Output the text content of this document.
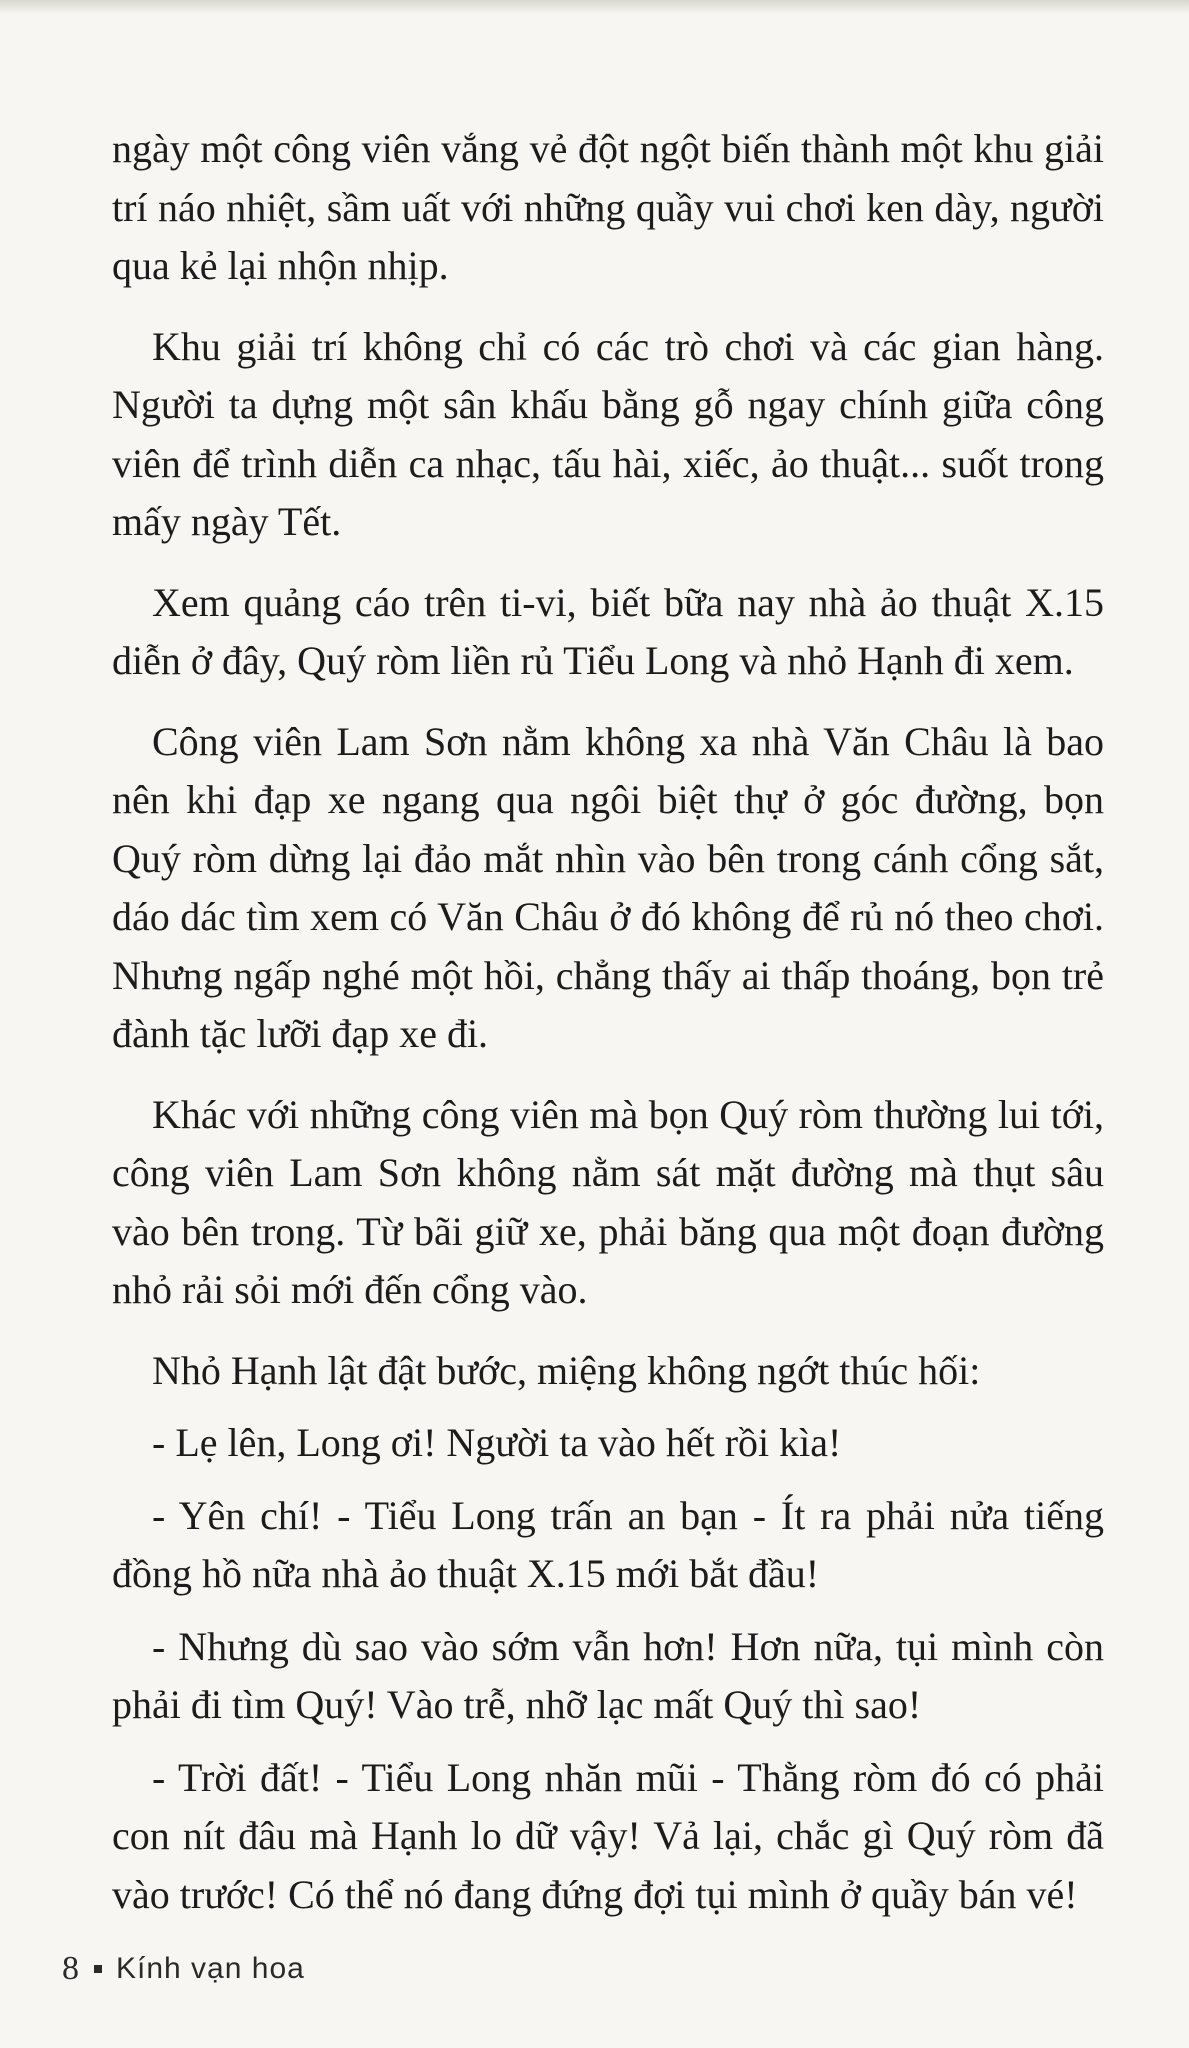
ngày một công viên vắng vẻ đột ngột biến thành một khu giải trí náo nhiệt, sầm uất với những quầy vui chơi ken dày, người qua kẻ lại nhộn nhịp.

Khu giải trí không chỉ có các trò chơi và các gian hàng. Người ta dựng một sân khấu bằng gỗ ngay chính giữa công viên để trình diễn ca nhạc, tấu hài, xiếc, ảo thuật... suốt trong mấy ngày Tết.

Xem quảng cáo trên ti-vi, biết bữa nay nhà ảo thuật X.15 diễn ở đây, Quý ròm liền rủ Tiểu Long và nhỏ Hạnh đi xem.

Công viên Lam Sơn nằm không xa nhà Văn Châu là bao nên khi đạp xe ngang qua ngôi biệt thự ở góc đường, bọn Quý ròm dừng lại đảo mắt nhìn vào bên trong cánh cổng sắt, dáo dác tìm xem có Văn Châu ở đó không để rủ nó theo chơi. Nhưng ngấp nghé một hồi, chẳng thấy ai thấp thoáng, bọn trẻ đành tặc lưỡi đạp xe đi.

Khác với những công viên mà bọn Quý ròm thường lui tới, công viên Lam Sơn không nằm sát mặt đường mà thụt sâu vào bên trong. Từ bãi giữ xe, phải băng qua một đoạn đường nhỏ rải sỏi mới đến cổng vào.

Nhỏ Hạnh lật đật bước, miệng không ngớt thúc hối:

- Lẹ lên, Long ơi! Người ta vào hết rồi kìa!

- Yên chí! - Tiểu Long trấn an bạn - Ít ra phải nửa tiếng đồng hồ nữa nhà ảo thuật X.15 mới bắt đầu!

- Nhưng dù sao vào sớm vẫn hơn! Hơn nữa, tụi mình còn phải đi tìm Quý! Vào trễ, nhỡ lạc mất Quý thì sao!

- Trời đất! - Tiểu Long nhăn mũi - Thằng ròm đó có phải con nít đâu mà Hạnh lo dữ vậy! Vả lại, chắc gì Quý ròm đã vào trước! Có thể nó đang đứng đợi tụi mình ở quầy bán vé!

8 Kính vạn hoa
